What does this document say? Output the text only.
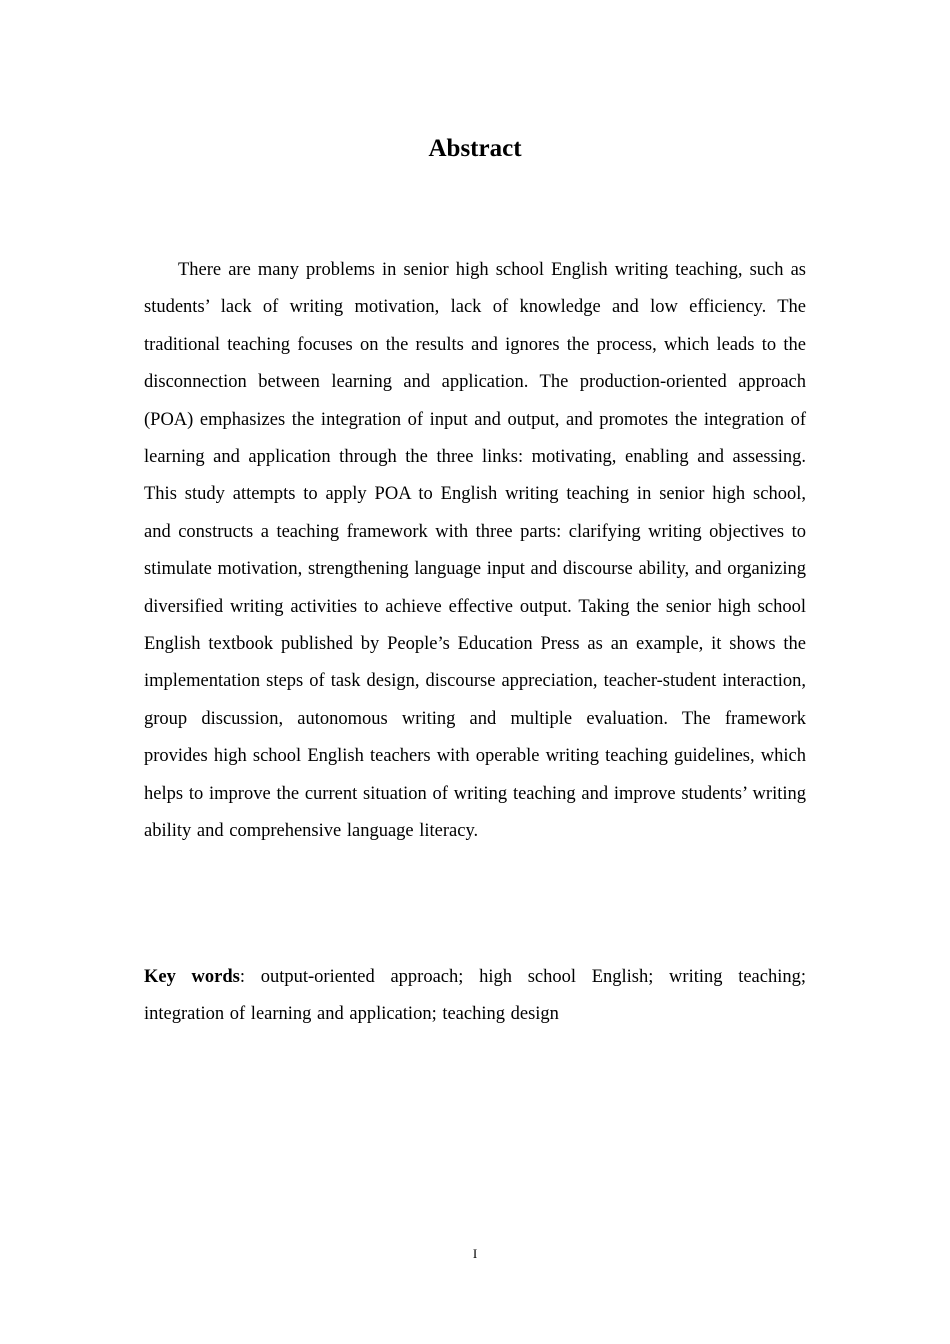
Abstract

There are many problems in senior high school English writing teaching, such as students’ lack of writing motivation, lack of knowledge and low efficiency. The traditional teaching focuses on the results and ignores the process, which leads to the disconnection between learning and application. The production-oriented approach (POA) emphasizes the integration of input and output, and promotes the integration of learning and application through the three links: motivating, enabling and assessing. This study attempts to apply POA to English writing teaching in senior high school, and constructs a teaching framework with three parts: clarifying writing objectives to stimulate motivation, strengthening language input and discourse ability, and organizing diversified writing activities to achieve effective output. Taking the senior high school English textbook published by People’s Education Press as an example, it shows the implementation steps of task design, discourse appreciation, teacher-student interaction, group discussion, autonomous writing and multiple evaluation. The framework provides high school English teachers with operable writing teaching guidelines, which helps to improve the current situation of writing teaching and improve students’ writing ability and comprehensive language literacy.

Key words: output-oriented approach; high school English; writing teaching; integration of learning and application; teaching design

I
